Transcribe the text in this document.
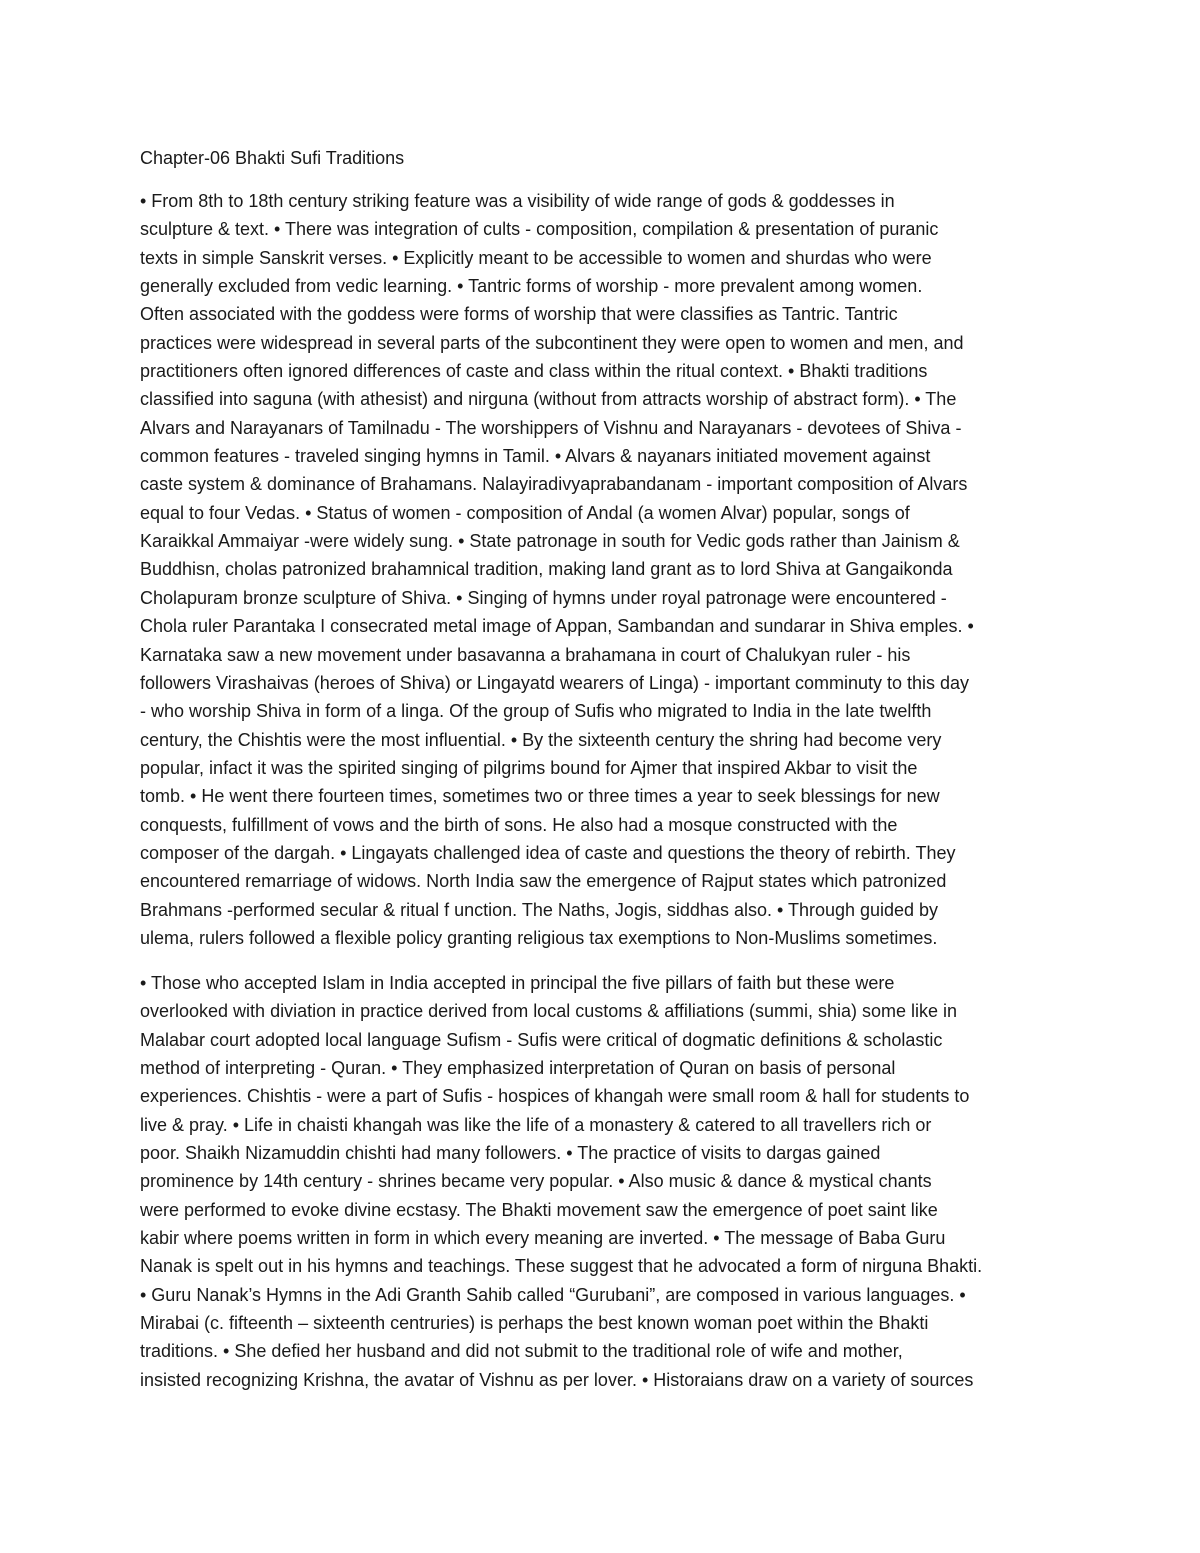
Chapter-06 Bhakti Sufi Traditions
• From 8th to 18th century striking feature was a visibility of wide range of gods & goddesses in
sculpture & text. • There was integration of cults - composition, compilation & presentation of puranic
texts in simple Sanskrit verses. • Explicitly meant to be accessible to women and shurdas who were
generally excluded from vedic learning. • Tantric forms of worship - more prevalent among women.
Often associated with the goddess were forms of worship that were classifies as Tantric. Tantric
practices were widespread in several parts of the subcontinent they were open to women and men, and
practitioners often ignored differences of caste and class within the ritual context. • Bhakti traditions
classified into saguna (with athesist) and nirguna (without from attracts worship of abstract form). • The
Alvars and Narayanars of Tamilnadu - The worshippers of Vishnu and Narayanars - devotees of Shiva -
common features - traveled singing hymns in Tamil. • Alvars & nayanars initiated movement against
caste system & dominance of Brahamans. Nalayiradivyaprabandanam - important composition of Alvars
equal to four Vedas. • Status of women - composition of Andal (a women Alvar) popular, songs of
Karaikkal Ammaiyar -were widely sung. • State patronage in south for Vedic gods rather than Jainism &
Buddhisn, cholas patronized brahamnical tradition, making land grant as to lord Shiva at Gangaikonda
Cholapuram bronze sculpture of Shiva. • Singing of hymns under royal patronage were encountered -
Chola ruler Parantaka I consecrated metal image of Appan, Sambandan and sundarar in Shiva emples. •
Karnataka saw a new movement under basavanna a brahamana in court of Chalukyan ruler - his
followers Virashaivas (heroes of Shiva) or Lingayatd wearers of Linga) - important comminuty to this day
- who worship Shiva in form of a linga. Of the group of Sufis who migrated to India in the late twelfth
century, the Chishtis were the most influential. • By the sixteenth century the shring had become very
popular, infact it was the spirited singing of pilgrims bound for Ajmer that inspired Akbar to visit the
tomb. • He went there fourteen times, sometimes two or three times a year to seek blessings for new
conquests, fulfillment of vows and the birth of sons. He also had a mosque constructed with the
composer of the dargah. • Lingayats challenged idea of caste and questions the theory of rebirth. They
encountered remarriage of widows. North India saw the emergence of Rajput states which patronized
Brahmans -performed secular & ritual f unction. The Naths, Jogis, siddhas also. • Through guided by
ulema, rulers followed a flexible policy granting religious tax exemptions to Non-Muslims sometimes.
• Those who accepted Islam in India accepted in principal the five pillars of faith but these were
overlooked with diviation in practice derived from local customs & affiliations (summi, shia) some like in
Malabar court adopted local language Sufism - Sufis were critical of dogmatic definitions & scholastic
method of interpreting - Quran. • They emphasized interpretation of Quran on basis of personal
experiences. Chishtis - were a part of Sufis - hospices of khangah were small room & hall for students to
live & pray. • Life in chaisti khangah was like the life of a monastery & catered to all travellers rich or
poor. Shaikh Nizamuddin chishti had many followers. • The practice of visits to dargas gained
prominence by 14th century - shrines became very popular. • Also music & dance & mystical chants
were performed to evoke divine ecstasy. The Bhakti movement saw the emergence of poet saint like
kabir where poems written in form in which every meaning are inverted. • The message of Baba Guru
Nanak is spelt out in his hymns and teachings. These suggest that he advocated a form of nirguna Bhakti.
• Guru Nanak’s Hymns in the Adi Granth Sahib called “Gurubani”, are composed in various languages. •
Mirabai (c. fifteenth – sixteenth centruries) is perhaps the best known woman poet within the Bhakti
traditions. • She defied her husband and did not submit to the traditional role of wife and mother,
insisted recognizing Krishna, the avatar of Vishnu as per lover. • Historaians draw on a variety of sources
